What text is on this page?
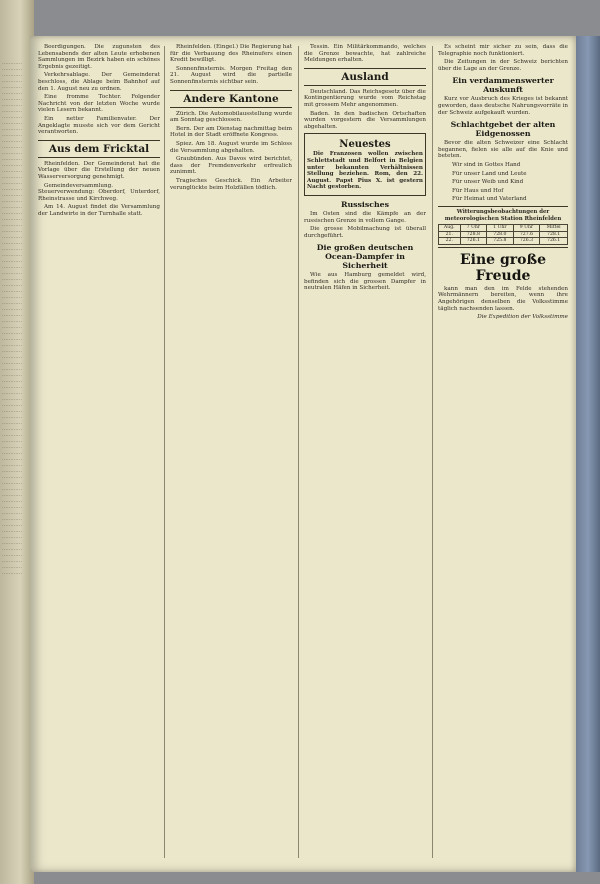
………… ………… ………… ………… ………… ………… ………… ………… ………… ………… ………… ………… ………… ………… ………… ………… ………… ………… ………… ………… ………… ………… ………… ………… ………… ………… ………… ………… ………… ………… ………… ………… ………… ………… ………… ………… ………… ………… ………… ………… ………… ………… ………… ………… ………… ………… ………… ………… ………… ………… ………… ………… ………… ………… ………… ………… ………… ………… ………… ………… ………… ………… ………… ………… ………… ………… ………… ………… ………… ………… ………… ………… ………… ………… ………… ………… ………… ………… ………… ………… ………… ………… ………… ………… ………… …………

Beerdigungen. Die zugunsten des Lebensabends der alten Leute erhobenen Sammlungen im Bezirk haben ein schönes Ergebnis gezeitigt.

Verkehrsablage. Der Gemeinderat beschloss, die Ablage beim Bahnhof auf den 1. August neu zu ordnen.

Eine fromme Tochter. Folgender Nachricht von der letzten Woche wurde vielen Lesern bekannt.

Ein netter Familienvater. Der Angeklagte musste sich vor dem Gericht verantworten.

Aus dem Fricktal

Rheinfelden. Der Gemeinderat hat die Vorlage über die Erstellung der neuen Wasserversorgung genehmigt.

Gemeindeversammlung. Steuerverwendung: Oberdorf, Unterdorf, Rheinstrasse und Kirchweg.

Am 14. August findet die Versammlung der Landwirte in der Turnhalle statt.

Rheinfelden. (Eingel.) Die Regierung hat für die Verbauung des Rheinufers einen Kredit bewilligt.

Sonnenfinsternis. Morgen Freitag den 21. August wird die partielle Sonnenfinsternis sichtbar sein.

Andere Kantone

Zürich. Die Automobilausstellung wurde am Sonntag geschlossen.

Bern. Der am Dienstag nachmittag beim Hotel in der Stadt eröffnete Kongress.

Spiez. Am 18. August wurde im Schloss die Versammlung abgehalten.

Graubünden. Aus Davos wird berichtet, dass der Fremdenverkehr erfreulich zunimmt.

Tragisches Geschick. Ein Arbeiter verunglückte beim Holzfällen tödlich.

Tessin. Ein Militärkommando, welches die Grenze bewachte, hat zahlreiche Meldungen erhalten.

Ausland

Deutschland. Das Reichsgesetz über die Kontingentierung wurde vom Reichstag mit grossem Mehr angenommen.

Baden. In den badischen Ortschaften wurden vorgestern die Versammlungen abgehalten.

Neuestes

Die Franzosen wollen zwischen Schlettstadt und Belfort in Belgien unter bekannten Verhältnissen Stellung beziehen. Rom, den 22. August. Papst Pius X. ist gestern Nacht gestorben.

Russisches

Im Osten sind die Kämpfe an der russischen Grenze in vollem Gange.

Die grosse Mobilmachung ist überall durchgeführt.

Die großen deutschen Ocean-Dampfer in Sicherheit

Wie aus Hamburg gemeldet wird, befinden sich die grossen Dampfer in neutralen Häfen in Sicherheit.

Es scheint mir sicher zu sein, dass die Telegraphie noch funktioniert.

Die Zeitungen in der Schweiz berichten über die Lage an der Grenze.

Ein verdammenswerter Auskunft

Kurz vor Ausbruch des Krieges ist bekannt geworden, dass deutsche Nahrungsvorräte in der Schweiz aufgekauft wurden.

Schlachtgebet der alten Eidgenossen

Bevor die alten Schweizer eine Schlacht begannen, fielen sie alle auf die Knie und beteten.

Wir sind in Gottes Hand

Für unser Land und Leute

Für unser Weib und Kind

Für Haus und Hof

Für Heimat und Vaterland

Witterungsbeobachtungen der meteorologischen Station Rheinfelden
Aug.	7 Uhr	1 Uhr	9 Uhr	Mittel
21.	728.8	728.0	727.6	728.1
22.	726.1	725.8	726.3	726.1
Eine große Freude

kann man den im Felde stehenden Wehrmännern bereiten, wenn ihre Angehörigen denselben die Volksstimme täglich nachsenden lassen.

Die Expedition der Volksstimme
